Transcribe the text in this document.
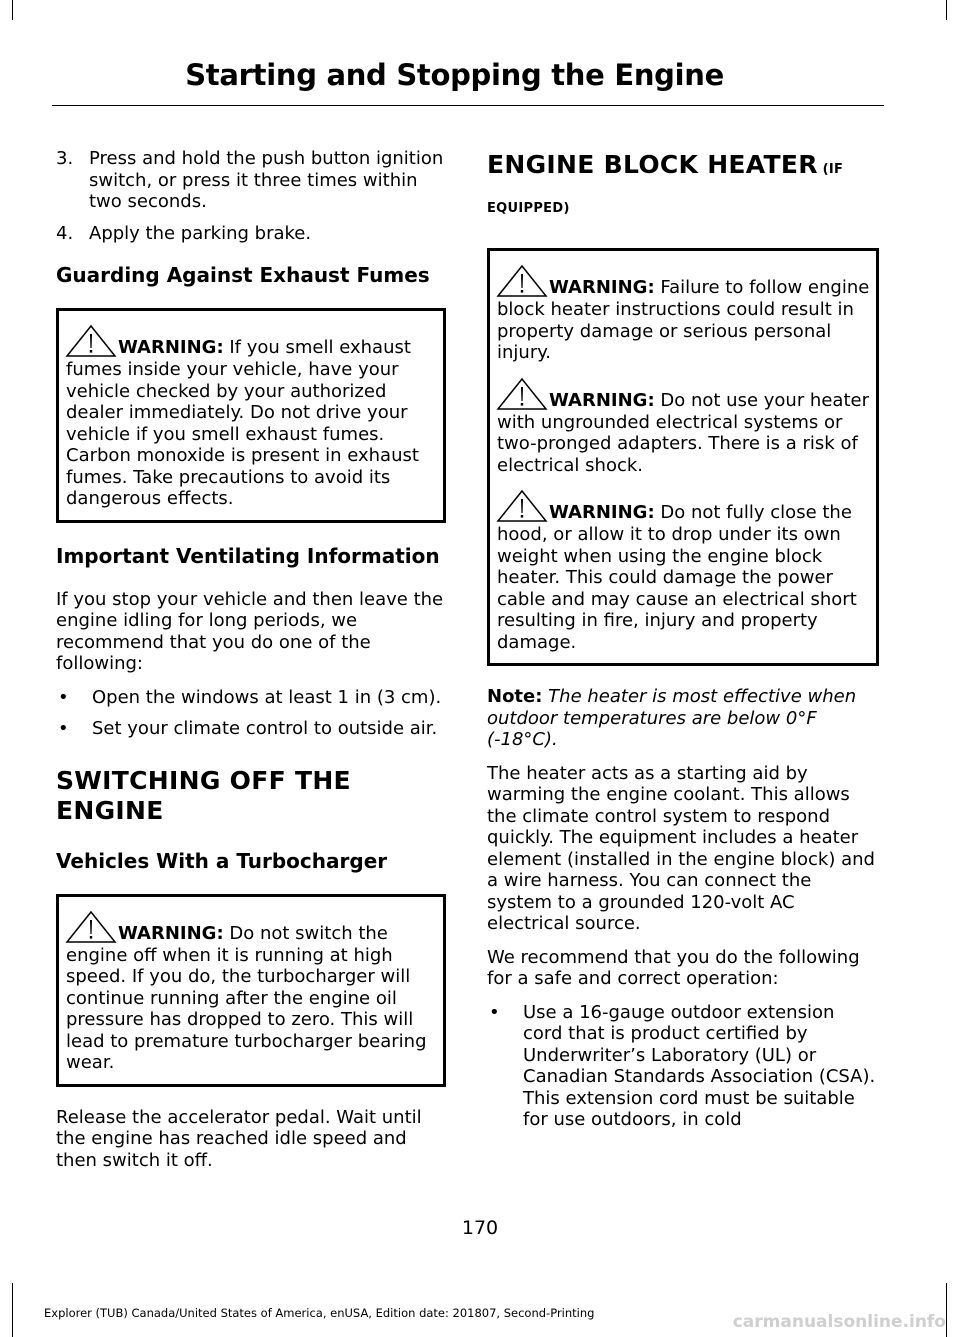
Starting and Stopping the Engine
3. Press and hold the push button ignition switch, or press it three times within two seconds.
4. Apply the parking brake.
Guarding Against Exhaust Fumes

WARNING: If you smell exhaust fumes inside your vehicle, have your vehicle checked by your authorized dealer immediately. Do not drive your vehicle if you smell exhaust fumes. Carbon monoxide is present in exhaust fumes. Take precautions to avoid its dangerous effects.

Important Ventilating Information

If you stop your vehicle and then leave the engine idling for long periods, we recommend that you do one of the following:

•	Open the windows at least 1 in (3 cm).
•	Set your climate control to outside air.
SWITCHING OFF THE ENGINE
Vehicles With a Turbocharger

WARNING: Do not switch the engine off when it is running at high speed. If you do, the turbocharger will continue running after the engine oil pressure has dropped to zero. This will lead to premature turbocharger bearing wear.

Release the accelerator pedal. Wait until the engine has reached idle speed and then switch it off.

ENGINE BLOCK HEATER (IF EQUIPPED)

WARNING: Failure to follow engine block heater instructions could result in property damage or serious personal injury.

WARNING: Do not use your heater with ungrounded electrical systems or two-pronged adapters. There is a risk of electrical shock.

WARNING: Do not fully close the hood, or allow it to drop under its own weight when using the engine block heater. This could damage the power cable and may cause an electrical short resulting in fire, injury and property damage.

Note: The heater is most effective when outdoor temperatures are below 0°F (-18°C).

The heater acts as a starting aid by warming the engine coolant. This allows the climate control system to respond quickly. The equipment includes a heater element (installed in the engine block) and a wire harness. You can connect the system to a grounded 120-volt AC electrical source.

We recommend that you do the following for a safe and correct operation:

•	Use a 16-gauge outdoor extension cord that is product certified by Underwriter’s Laboratory (UL) or Canadian Standards Association (CSA). This extension cord must be suitable for use outdoors, in cold
170
Explorer (TUB) Canada/United States of America, enUSA, Edition date: 201807, Second-Printing	carmanualsonline.info
